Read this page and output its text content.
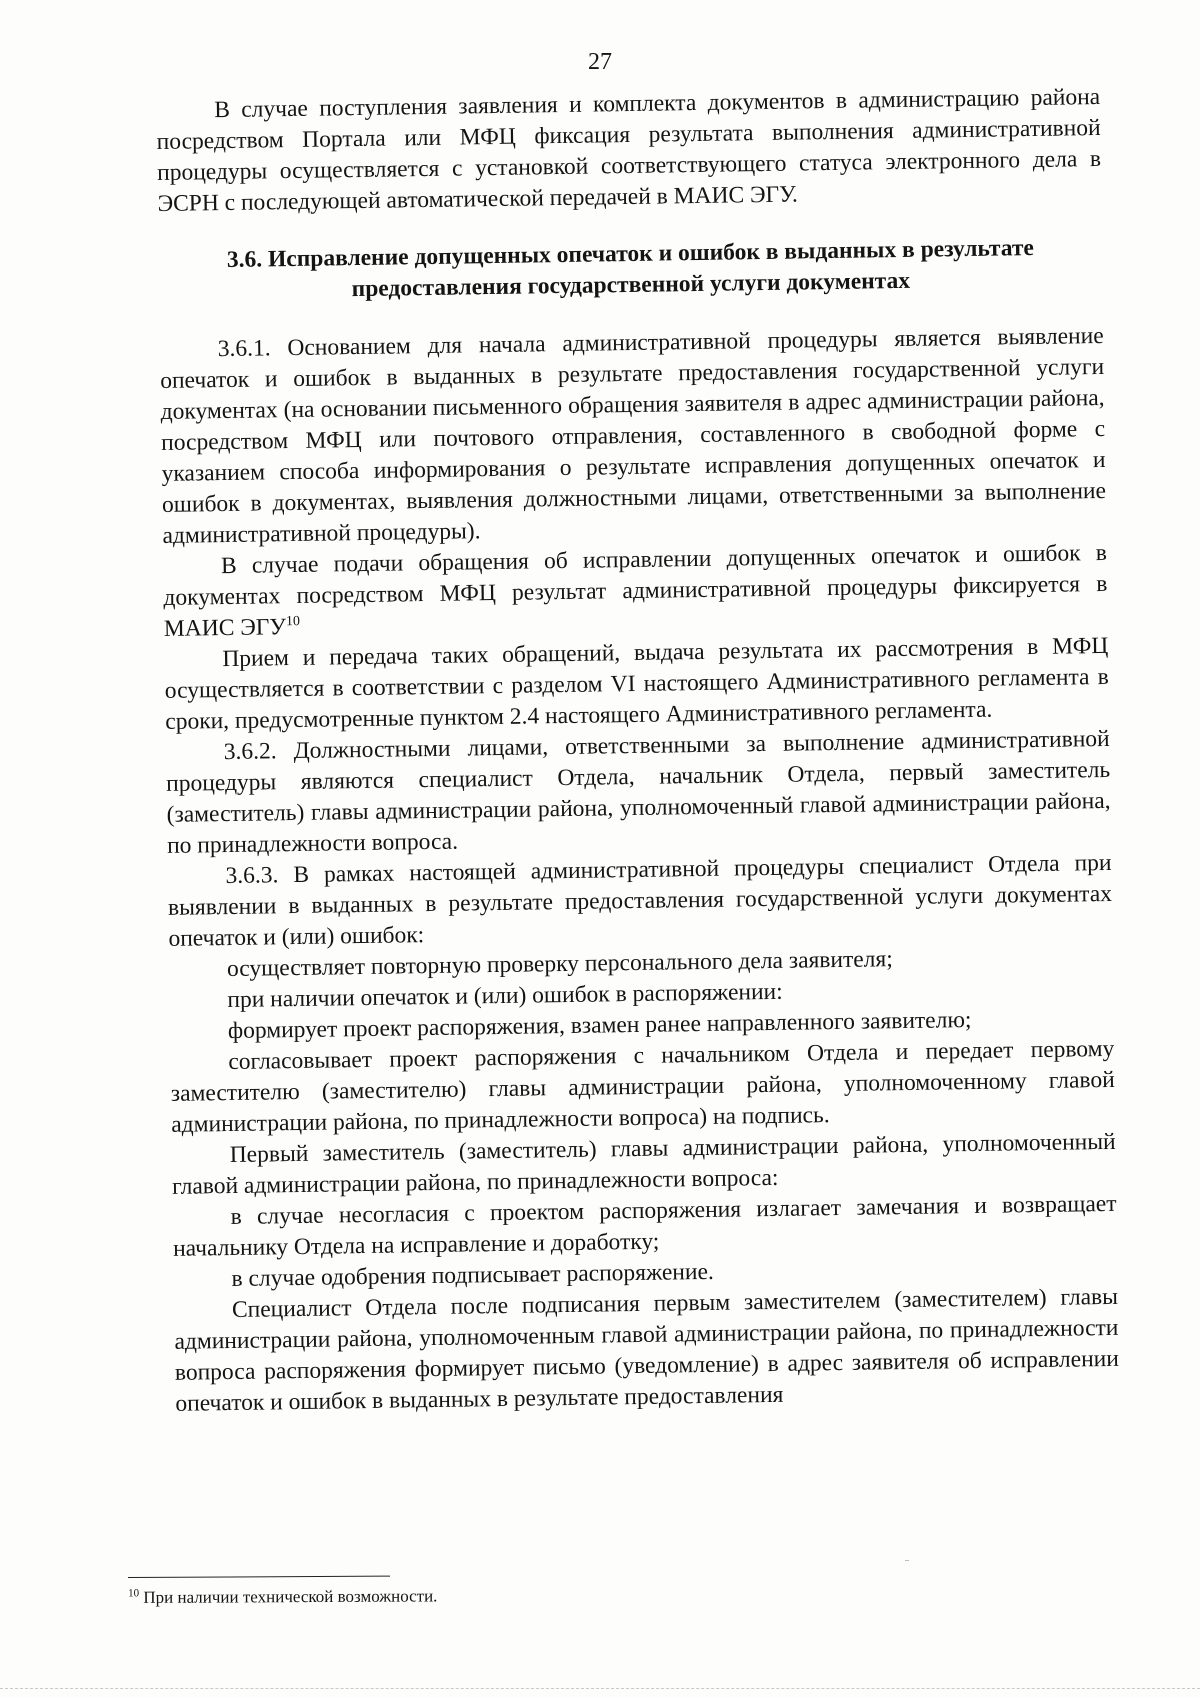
27

В случае поступления заявления и комплекта документов в администрацию района посредством Портала или МФЦ фиксация результата выполнения административной процедуры осуществляется с установкой соответствующего статуса электронного дела в ЭСРН с последующей автоматической передачей в МАИС ЭГУ.

3.6. Исправление допущенных опечаток и ошибок в выданных в результате предоставления государственной услуги документах

3.6.1. Основанием для начала административной процедуры является выявление опечаток и ошибок в выданных в результате предоставления государственной услуги документах (на основании письменного обращения заявителя в адрес администрации района, посредством МФЦ или почтового отправления, составленного в свободной форме с указанием способа информирования о результате исправления допущенных опечаток и ошибок в документах, выявления должностными лицами, ответственными за выполнение административной процедуры).

В случае подачи обращения об исправлении допущенных опечаток и ошибок в документах посредством МФЦ результат административной процедуры фиксируется в МАИС ЭГУ$^{10}$

Прием и передача таких обращений, выдача результата их рассмотрения в МФЦ осуществляется в соответствии с разделом VI настоящего Административного регламента в сроки, предусмотренные пунктом 2.4 настоящего Административного регламента.

3.6.2. Должностными лицами, ответственными за выполнение административной процедуры являются специалист Отдела, начальник Отдела, первый заместитель (заместитель) главы администрации района, уполномоченный главой администрации района, по принадлежности вопроса.

3.6.3. В рамках настоящей административной процедуры специалист Отдела при выявлении в выданных в результате предоставления государственной услуги документах опечаток и (или) ошибок:

осуществляет повторную проверку персонального дела заявителя;

при наличии опечаток и (или) ошибок в распоряжении:

формирует проект распоряжения, взамен ранее направленного заявителю;

согласовывает проект распоряжения с начальником Отдела и передает первому заместителю (заместителю) главы администрации района, уполномоченному главой администрации района, по принадлежности вопроса) на подпись.

Первый заместитель (заместитель) главы администрации района, уполномоченный главой администрации района, по принадлежности вопроса:

в случае несогласия с проектом распоряжения излагает замечания и возвращает начальнику Отдела на исправление и доработку;

в случае одобрения подписывает распоряжение.

Специалист Отдела после подписания первым заместителем (заместителем) главы администрации района, уполномоченным главой администрации района, по принадлежности вопроса распоряжения формирует письмо (уведомление) в адрес заявителя об исправлении опечаток и ошибок в выданных в результате предоставления

$^{10}$ При наличии технической возможности.
